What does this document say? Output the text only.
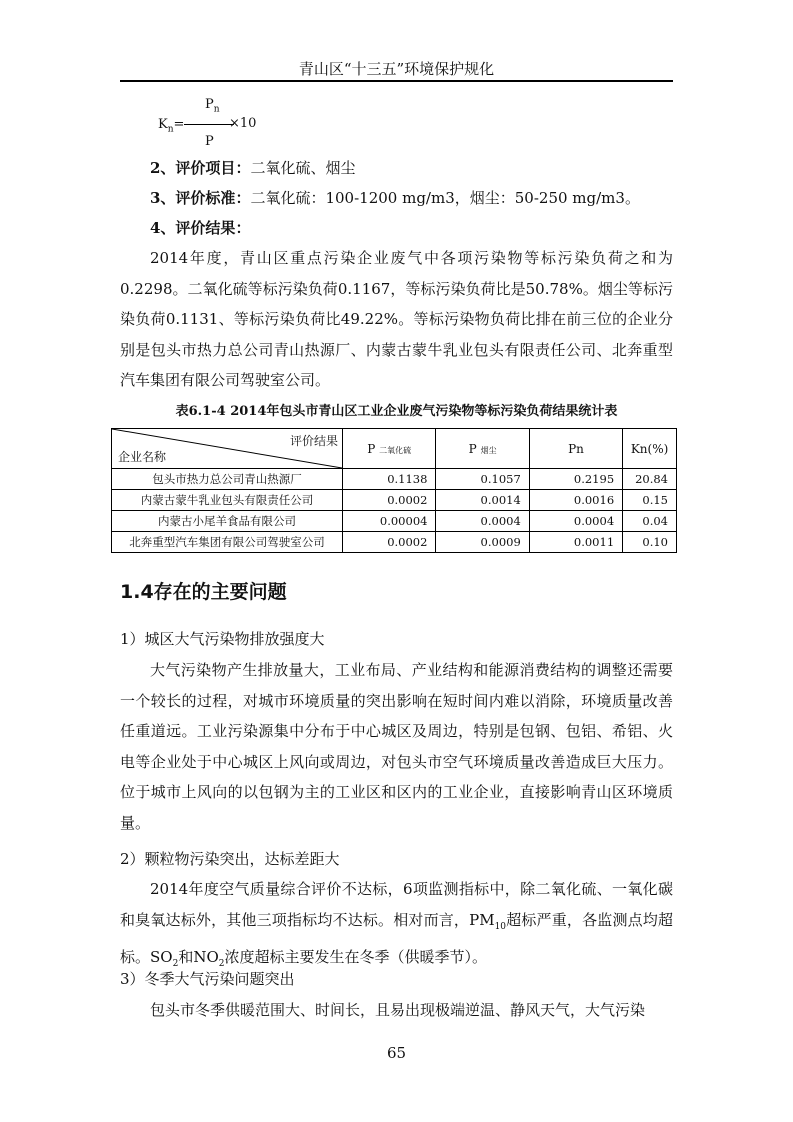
青山区“十三五”环境保护规化
$P_n$
$K_n=$	×10
P
2、评价项目：二氧化硫、烟尘
3、评价标准：二氧化硫：100-1200 mg/m3，烟尘：50-250 mg/m3。
4、评价结果：
2014年度，青山区重点污染企业废气中各项污染物等标污染负荷之和为0.2298。二氧化硫等标污染负荷0.1167，等标污染负荷比是50.78%。烟尘等标污染负荷0.1131、等标污染负荷比49.22%。等标污染物负荷比排在前三位的企业分别是包头市热力总公司青山热源厂、内蒙古蒙牛乳业包头有限责任公司、北奔重型汽车集团有限公司驾驶室公司。
表6.1-4 2014年包头市青山区工业企业废气污染物等标污染负荷结果统计表
评价结果
企业名称	P 二氧化硫	P 烟尘	Pn	Kn(%)
包头市热力总公司青山热源厂	0.1138	0.1057	0.2195	20.84
内蒙古蒙牛乳业包头有限责任公司	0.0002	0.0014	0.0016	0.15
内蒙古小尾羊食品有限公司	0.00004	0.0004	0.0004	0.04
北奔重型汽车集团有限公司驾驶室公司	0.0002	0.0009	0.0011	0.10
1.4存在的主要问题
1）城区大气污染物排放强度大
大气污染物产生排放量大，工业布局、产业结构和能源消费结构的调整还需要一个较长的过程，对城市环境质量的突出影响在短时间内难以消除，环境质量改善任重道远。工业污染源集中分布于中心城区及周边，特别是包钢、包铝、希铝、火电等企业处于中心城区上风向或周边，对包头市空气环境质量改善造成巨大压力。位于城市上风向的以包钢为主的工业区和区内的工业企业，直接影响青山区环境质量。
2）颗粒物污染突出，达标差距大
2014年度空气质量综合评价不达标，6项监测指标中，除二氧化硫、一氧化碳和臭氧达标外，其他三项指标均不达标。相对而言，$PM_{10}$超标严重，各监测点均超标。$SO_2$和$NO_2$浓度超标主要发生在冬季（供暖季节）。
3）冬季大气污染问题突出
包头市冬季供暖范围大、时间长，且易出现极端逆温、静风天气，大气污染
65
